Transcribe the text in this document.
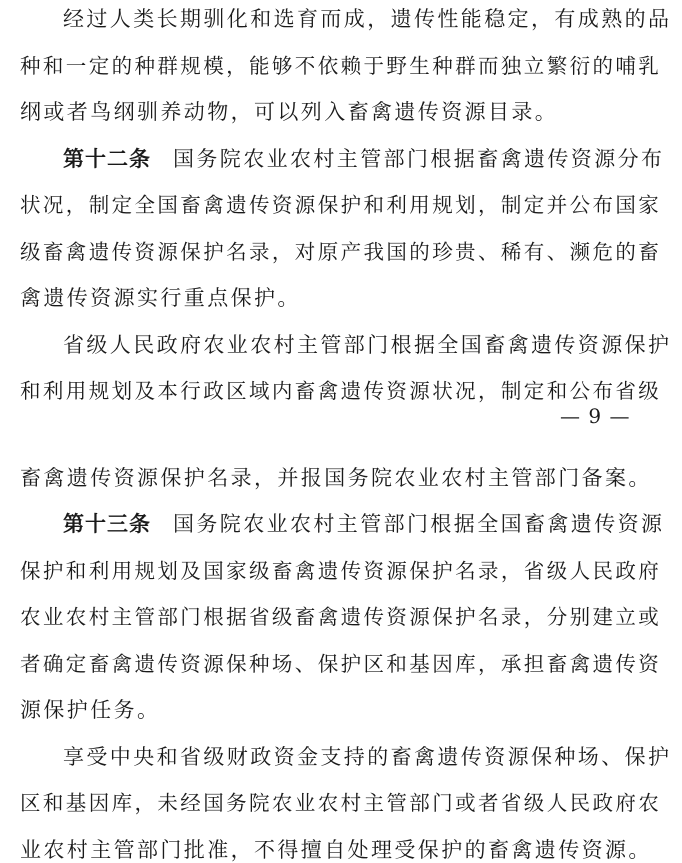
经过人类长期驯化和选育而成，遗传性能稳定，有成熟的品
种和一定的种群规模，能够不依赖于野生种群而独立繁衍的哺乳
纲或者鸟纲驯养动物，可以列入畜禽遗传资源目录。
第十二条 国务院农业农村主管部门根据畜禽遗传资源分布
状况，制定全国畜禽遗传资源保护和利用规划，制定并公布国家
级畜禽遗传资源保护名录，对原产我国的珍贵、稀有、濒危的畜
禽遗传资源实行重点保护。
省级人民政府农业农村主管部门根据全国畜禽遗传资源保护
和利用规划及本行政区域内畜禽遗传资源状况，制定和公布省级
— 9 —
畜禽遗传资源保护名录，并报国务院农业农村主管部门备案。
第十三条 国务院农业农村主管部门根据全国畜禽遗传资源
保护和利用规划及国家级畜禽遗传资源保护名录，省级人民政府
农业农村主管部门根据省级畜禽遗传资源保护名录，分别建立或
者确定畜禽遗传资源保种场、保护区和基因库，承担畜禽遗传资
源保护任务。
享受中央和省级财政资金支持的畜禽遗传资源保种场、保护
区和基因库，未经国务院农业农村主管部门或者省级人民政府农
业农村主管部门批准，不得擅自处理受保护的畜禽遗传资源。
